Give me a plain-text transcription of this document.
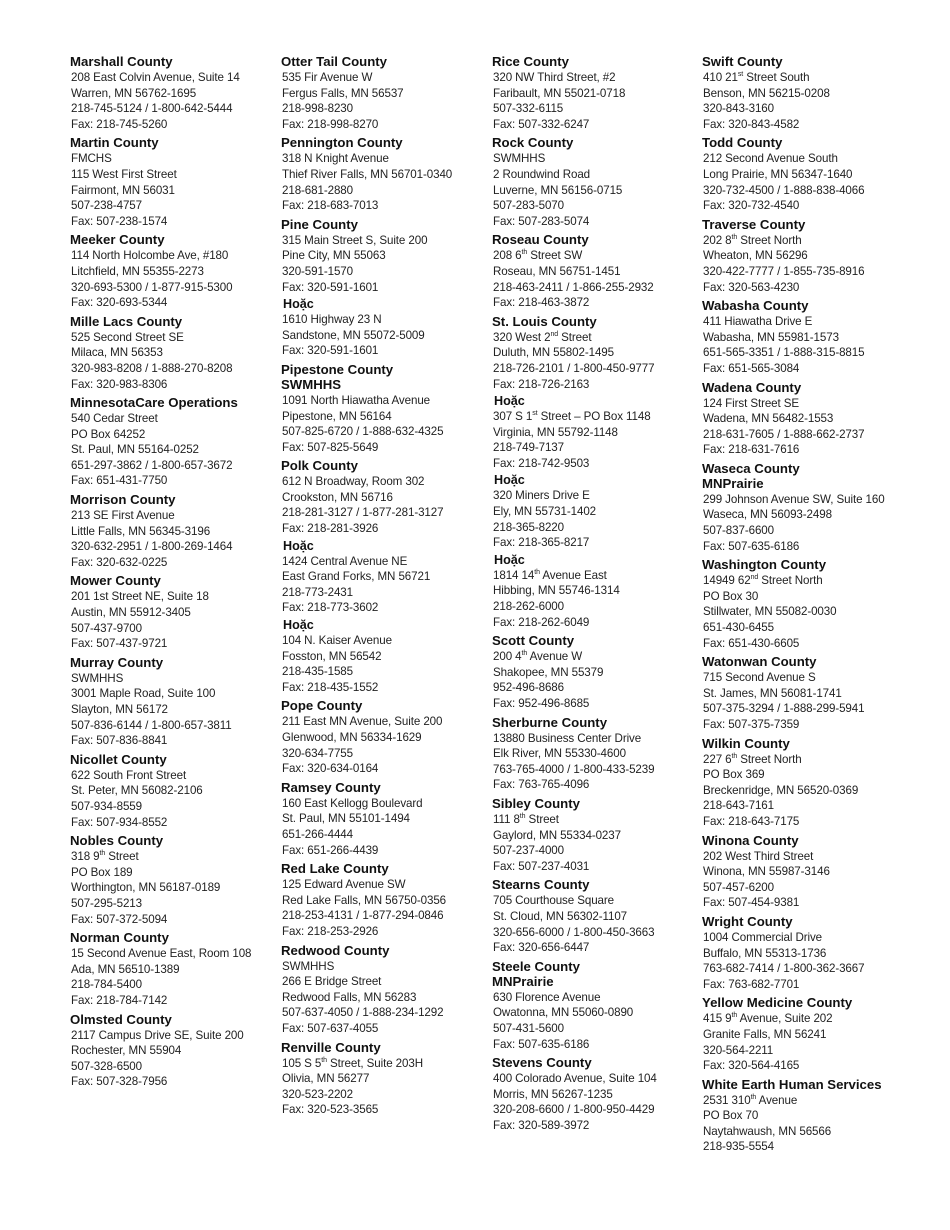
Marshall County
208 East Colvin Avenue, Suite 14
Warren, MN 56762-1695
218-745-5124 / 1-800-642-5444
Fax: 218-745-5260
Martin County
FMCHS
115 West First Street
Fairmont, MN 56031
507-238-4757
Fax: 507-238-1574
Meeker County
114 North Holcombe Ave, #180
Litchfield, MN 55355-2273
320-693-5300 / 1-877-915-5300
Fax: 320-693-5344
Mille Lacs County
525 Second Street SE
Milaca, MN 56353
320-983-8208 / 1-888-270-8208
Fax: 320-983-8306
MinnesotaCare Operations
540 Cedar Street
PO Box 64252
St. Paul, MN 55164-0252
651-297-3862 / 1-800-657-3672
Fax: 651-431-7750
Morrison County
213 SE First Avenue
Little Falls, MN 56345-3196
320-632-2951 / 1-800-269-1464
Fax: 320-632-0225
Mower County
201 1st Street NE, Suite 18
Austin, MN 55912-3405
507-437-9700
Fax: 507-437-9721
Murray County
SWMHHS
3001 Maple Road, Suite 100
Slayton, MN 56172
507-836-6144 / 1-800-657-3811
Fax: 507-836-8841
Nicollet County
622 South Front Street
St. Peter, MN 56082-2106
507-934-8559
Fax: 507-934-8552
Nobles County
318 9th Street
PO Box 189
Worthington, MN 56187-0189
507-295-5213
Fax: 507-372-5094
Norman County
15 Second Avenue East, Room 108
Ada, MN 56510-1389
218-784-5400
Fax: 218-784-7142
Olmsted County
2117 Campus Drive SE, Suite 200
Rochester, MN 55904
507-328-6500
Fax: 507-328-7956
Otter Tail County
535 Fir Avenue W
Fergus Falls, MN 56537
218-998-8230
Fax: 218-998-8270
Pennington County
318 N Knight Avenue
Thief River Falls, MN 56701-0340
218-681-2880
Fax: 218-683-7013
Pine County
315 Main Street S, Suite 200
Pine City, MN 55063
320-591-1570
Fax: 320-591-1601
Hoặc
1610 Highway 23 N
Sandstone, MN 55072-5009
Fax: 320-591-1601
Pipestone County
SWMHHS
1091 North Hiawatha Avenue
Pipestone, MN 56164
507-825-6720 / 1-888-632-4325
Fax: 507-825-5649
Polk County
612 N Broadway, Room 302
Crookston, MN 56716
218-281-3127 / 1-877-281-3127
Fax: 218-281-3926
Hoặc
1424 Central Avenue NE
East Grand Forks, MN 56721
218-773-2431
Fax: 218-773-3602
Hoặc
104 N. Kaiser Avenue
Fosston, MN 56542
218-435-1585
Fax: 218-435-1552
Pope County
211 East MN Avenue, Suite 200
Glenwood, MN 56334-1629
320-634-7755
Fax: 320-634-0164
Ramsey County
160 East Kellogg Boulevard
St. Paul, MN 55101-1494
651-266-4444
Fax: 651-266-4439
Red Lake County
125 Edward Avenue SW
Red Lake Falls, MN 56750-0356
218-253-4131 / 1-877-294-0846
Fax: 218-253-2926
Redwood County
SWMHHS
266 E Bridge Street
Redwood Falls, MN 56283
507-637-4050 / 1-888-234-1292
Fax: 507-637-4055
Renville County
105 S 5th Street, Suite 203H
Olivia, MN 56277
320-523-2202
Fax: 320-523-3565
Rice County
320 NW Third Street, #2
Faribault, MN 55021-0718
507-332-6115
Fax: 507-332-6247
Rock County
SWMHHS
2 Roundwind Road
Luverne, MN 56156-0715
507-283-5070
Fax: 507-283-5074
Roseau County
208 6th Street SW
Roseau, MN 56751-1451
218-463-2411 / 1-866-255-2932
Fax: 218-463-3872
St. Louis County
320 West 2nd Street
Duluth, MN 55802-1495
218-726-2101 / 1-800-450-9777
Fax: 218-726-2163
Hoặc
307 S 1st Street – PO Box 1148
Virginia, MN 55792-1148
218-749-7137
Fax: 218-742-9503
Hoặc
320 Miners Drive E
Ely, MN 55731-1402
218-365-8220
Fax: 218-365-8217
Hoặc
1814 14th Avenue East
Hibbing, MN 55746-1314
218-262-6000
Fax: 218-262-6049
Scott County
200 4th Avenue W
Shakopee, MN 55379
952-496-8686
Fax: 952-496-8685
Sherburne County
13880 Business Center Drive
Elk River, MN 55330-4600
763-765-4000 / 1-800-433-5239
Fax: 763-765-4096
Sibley County
111 8th Street
Gaylord, MN 55334-0237
507-237-4000
Fax: 507-237-4031
Stearns County
705 Courthouse Square
St. Cloud, MN 56302-1107
320-656-6000 / 1-800-450-3663
Fax: 320-656-6447
Steele County
MNPrairie
630 Florence Avenue
Owatonna, MN 55060-0890
507-431-5600
Fax: 507-635-6186
Stevens County
400 Colorado Avenue, Suite 104
Morris, MN 56267-1235
320-208-6600 / 1-800-950-4429
Fax: 320-589-3972
Swift County
410 21st Street South
Benson, MN 56215-0208
320-843-3160
Fax: 320-843-4582
Todd County
212 Second Avenue South
Long Prairie, MN 56347-1640
320-732-4500 / 1-888-838-4066
Fax: 320-732-4540
Traverse County
202 8th Street North
Wheaton, MN 56296
320-422-7777 / 1-855-735-8916
Fax: 320-563-4230
Wabasha County
411 Hiawatha Drive E
Wabasha, MN 55981-1573
651-565-3351 / 1-888-315-8815
Fax: 651-565-3084
Wadena County
124 First Street SE
Wadena, MN 56482-1553
218-631-7605 / 1-888-662-2737
Fax: 218-631-7616
Waseca County
MNPrairie
299 Johnson Avenue SW, Suite 160
Waseca, MN 56093-2498
507-837-6600
Fax: 507-635-6186
Washington County
14949 62nd Street North
PO Box 30
Stillwater, MN 55082-0030
651-430-6455
Fax: 651-430-6605
Watonwan County
715 Second Avenue S
St. James, MN 56081-1741
507-375-3294 / 1-888-299-5941
Fax: 507-375-7359
Wilkin County
227 6th Street North
PO Box 369
Breckenridge, MN 56520-0369
218-643-7161
Fax: 218-643-7175
Winona County
202 West Third Street
Winona, MN 55987-3146
507-457-6200
Fax: 507-454-9381
Wright County
1004 Commercial Drive
Buffalo, MN 55313-1736
763-682-7414 / 1-800-362-3667
Fax: 763-682-7701
Yellow Medicine County
415 9th Avenue, Suite 202
Granite Falls, MN 56241
320-564-2211
Fax: 320-564-4165
White Earth Human Services
2531 310th Avenue
PO Box 70
Naytahwaush, MN 56566
218-935-5554
